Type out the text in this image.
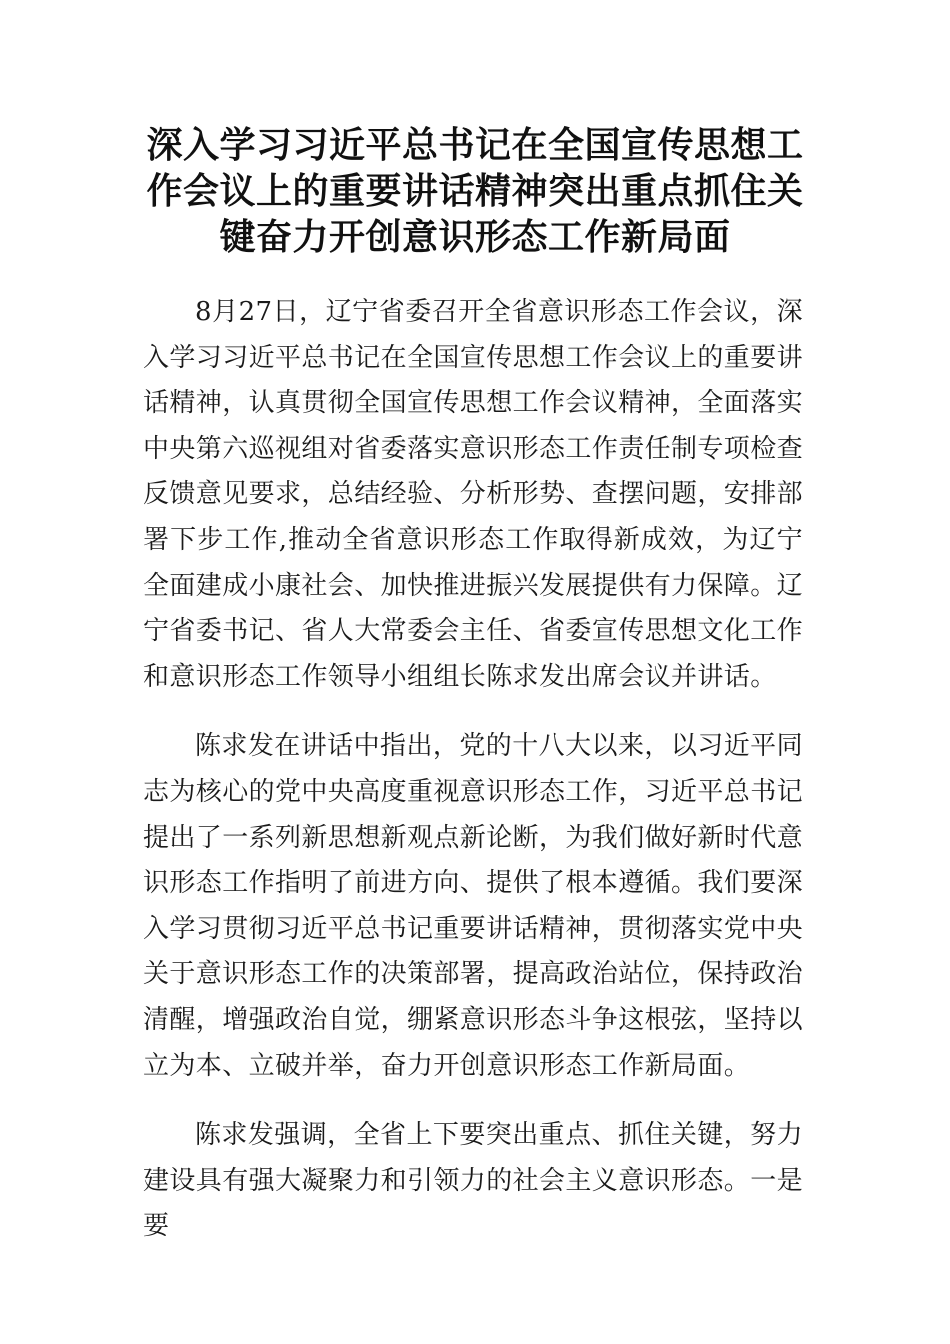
深入学习习近平总书记在全国宣传思想工作会议上的重要讲话精神突出重点抓住关键奋力开创意识形态工作新局面

8月27日，辽宁省委召开全省意识形态工作会议，深入学习习近平总书记在全国宣传思想工作会议上的重要讲话精神，认真贯彻全国宣传思想工作会议精神，全面落实中央第六巡视组对省委落实意识形态工作责任制专项检查反馈意见要求，总结经验、分析形势、查摆问题，安排部署下步工作,推动全省意识形态工作取得新成效，为辽宁全面建成小康社会、加快推进振兴发展提供有力保障。辽宁省委书记、省人大常委会主任、省委宣传思想文化工作和意识形态工作领导小组组长陈求发出席会议并讲话。

陈求发在讲话中指出，党的十八大以来，以习近平同志为核心的党中央高度重视意识形态工作，习近平总书记提出了一系列新思想新观点新论断，为我们做好新时代意识形态工作指明了前进方向、提供了根本遵循。我们要深入学习贯彻习近平总书记重要讲话精神，贯彻落实党中央关于意识形态工作的决策部署，提高政治站位，保持政治清醒，增强政治自觉，绷紧意识形态斗争这根弦，坚持以立为本、立破并举，奋力开创意识形态工作新局面。

陈求发强调，全省上下要突出重点、抓住关键，努力建设具有强大凝聚力和引领力的社会主义意识形态。一是要
